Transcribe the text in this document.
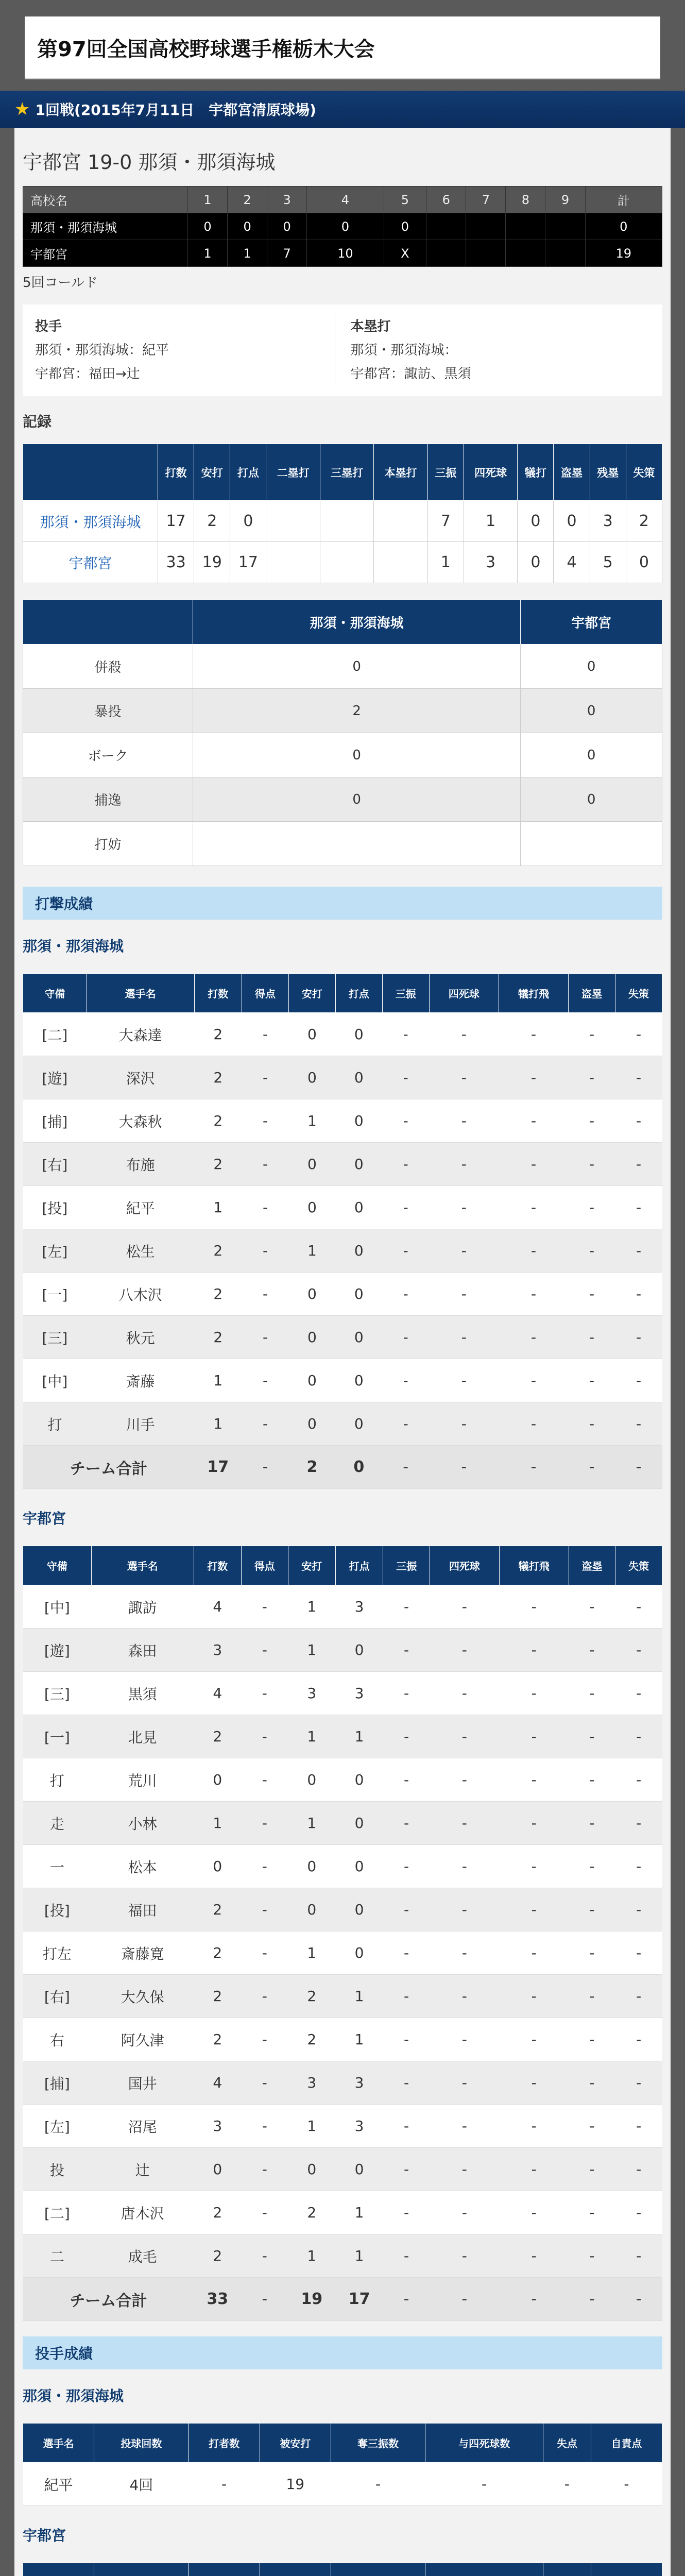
第97回全国高校野球選手権栃木大会
★ 1回戦(2015年7月11日　宇都宮清原球場)
宇都宮 19-0 那須・那須海城
高校名	1	2	3	4	5	6	7	8	9	計
那須・那須海城	0	0	0	0	0					0
宇都宮	1	1	7	10	X					19
5回コールド
投手
那須・那須海城：紀平
宇都宮：福田→辻
本塁打
那須・那須海城：
宇都宮：諏訪、黒須
記録
	打数	安打	打点	二塁打	三塁打	本塁打	三振	四死球	犠打	盗塁	残塁	失策
那須・那須海城	17	2	0				7	1	0	0	3	2
宇都宮	33	19	17				1	3	0	4	5	0
	那須・那須海城	宇都宮
併殺	0	0
暴投	2	0
ボーク	0	0
捕逸	0	0
打妨		
打撃成績
那須・那須海城
守備	選手名	打数	得点	安打	打点	三振	四死球	犠打飛	盗塁	失策
[二]	大森達	2	-	0	0	-	-	-	-	-
[遊]	深沢	2	-	0	0	-	-	-	-	-
[捕]	大森秋	2	-	1	0	-	-	-	-	-
[右]	布施	2	-	0	0	-	-	-	-	-
[投]	紀平	1	-	0	0	-	-	-	-	-
[左]	松生	2	-	1	0	-	-	-	-	-
[一]	八木沢	2	-	0	0	-	-	-	-	-
[三]	秋元	2	-	0	0	-	-	-	-	-
[中]	斎藤	1	-	0	0	-	-	-	-	-
打	川手	1	-	0	0	-	-	-	-	-
チーム合計		17	-	2	0	-	-	-	-	-
宇都宮
守備	選手名	打数	得点	安打	打点	三振	四死球	犠打飛	盗塁	失策
[中]	諏訪	4	-	1	3	-	-	-	-	-
[遊]	森田	3	-	1	0	-	-	-	-	-
[三]	黒須	4	-	3	3	-	-	-	-	-
[一]	北見	2	-	1	1	-	-	-	-	-
打	荒川	0	-	0	0	-	-	-	-	-
走	小林	1	-	1	0	-	-	-	-	-
一	松本	0	-	0	0	-	-	-	-	-
[投]	福田	2	-	0	0	-	-	-	-	-
打左	斎藤寛	2	-	1	0	-	-	-	-	-
[右]	大久保	2	-	2	1	-	-	-	-	-
右	阿久津	2	-	2	1	-	-	-	-	-
[捕]	国井	4	-	3	3	-	-	-	-	-
[左]	沼尾	3	-	1	3	-	-	-	-	-
投	辻	0	-	0	0	-	-	-	-	-
[二]	唐木沢	2	-	2	1	-	-	-	-	-
二	成毛	2	-	1	1	-	-	-	-	-
チーム合計		33	-	19	17	-	-	-	-	-
投手成績
那須・那須海城
選手名	投球回数	打者数	被安打	奪三振数	与四死球数	失点	自責点
紀平	4回	-	19	-	-	-	-
宇都宮
